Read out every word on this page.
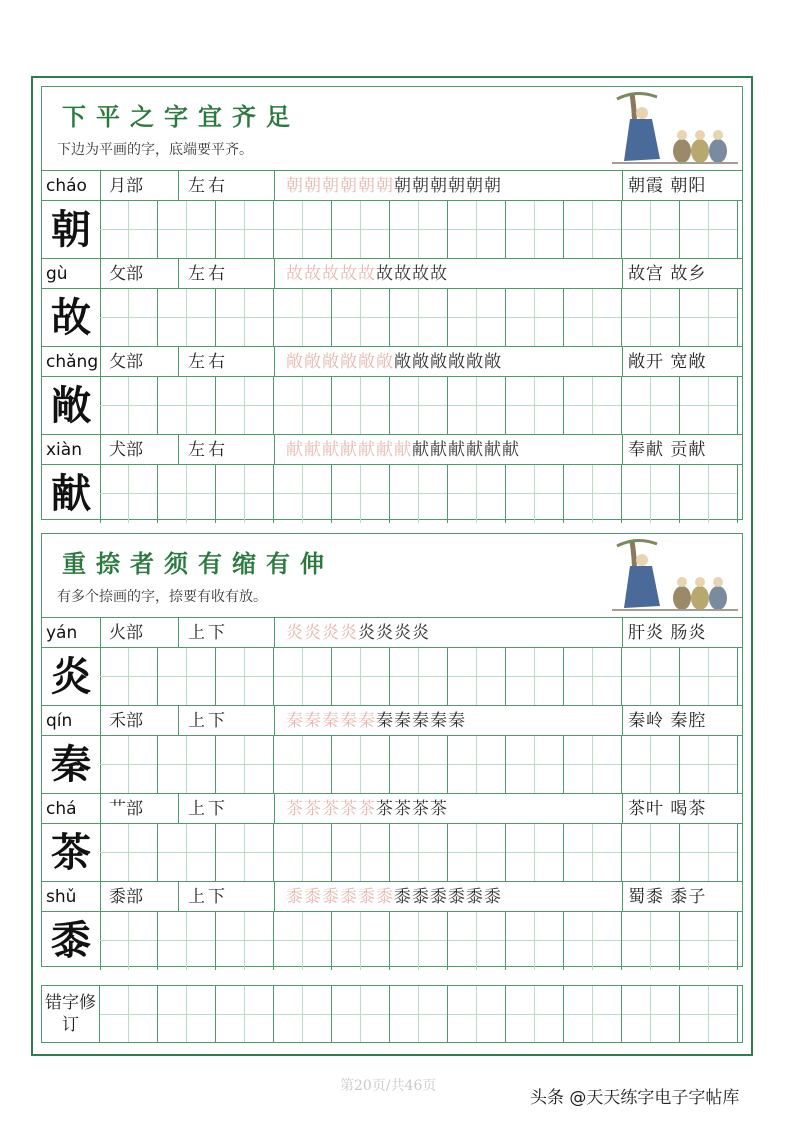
下平之字宜齐足
下边为平画的字，底端要平齐。
cháo 月部	左右	朝朝朝朝朝朝朝朝朝朝朝朝	朝霞 朝阳
朝
gù 攵部	左右	故故故故故故故故故	故宫 故乡
故
chǎng 攵部	左右	敞敞敞敞敞敞敞敞敞敞敞敞	敞开 宽敞
敞
xiàn 犬部	左右	献献献献献献献献献献献献献	奉献 贡献
献
重捺者须有缩有伸
有多个捺画的字，捺要有收有放。
yán 火部	上下	炎炎炎炎炎炎炎炎	肝炎 肠炎
炎
qín 禾部	上下	秦秦秦秦秦秦秦秦秦秦	秦岭 秦腔
秦
chá 艹部	上下	茶茶茶茶茶茶茶茶茶	茶叶 喝茶
茶
shǔ 黍部	上下	黍黍黍黍黍黍黍黍黍黍黍黍	蜀黍 黍子
黍
错字修订
第20页/共46页
头条 @天天练字电子字帖库
